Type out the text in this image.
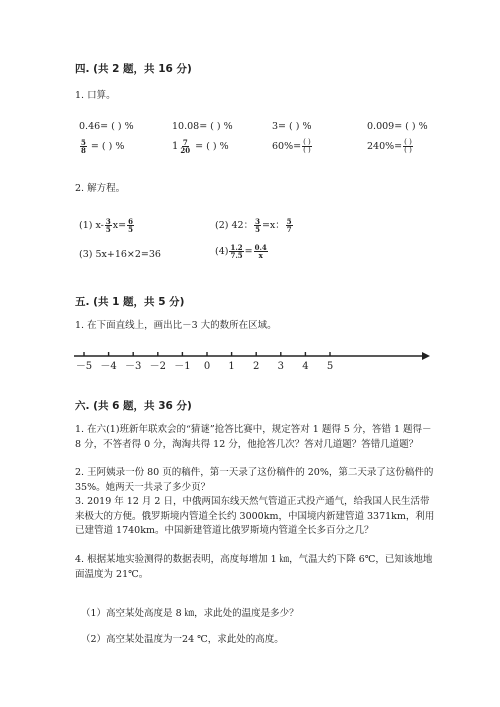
四. (共 2 题，共 16 分)
1. 口算。
0.46= ( ) %	10.08= ( ) %	3= ( ) %	0.009= ( ) %
$\frac{5}{8}$ = ( ) %	$1 \frac{7}{20}$ = ( ) %	$60\%= \frac{( )}{( )}$	$240\%= \frac{( )}{( )}$
2. 解方程。
(1) $x- \frac{3}{5} x= \frac{6}{5}$	(2) 42： $\frac{3}{5} =x$： $\frac{5}{7}$
(3) 5x+16×2=36	$(4) \frac{1.2}{7.5} = \frac{0.4}{x}$
五. (共 1 题，共 5 分)
1. 在下面直线上，画出比－3 大的数所在区域。
－5 －4 －3 －2 －1 0 1 2 3 4 5
六. (共 6 题，共 36 分)
1. 在六(1)班新年联欢会的“猜谜”抢答比赛中，规定答对 1 题得 5 分，答错 1 题得－8 分，不答者得 0 分，淘淘共得 12 分，他抢答几次？答对几道题？答错几道题？
2. 王阿姨录一份 80 页的稿件，第一天录了这份稿件的 20%，第二天录了这份稿件的 35%。她两天一共录了多少页？
3. 2019 年 12 月 2 日，中俄两国东线天然气管道正式投产通气，给我国人民生活带来极大的方便。俄罗斯境内管道全长约 3000km，中国境内新建管道 3371km，利用已建管道 1740km。中国新建管道比俄罗斯境内管道全长多百分之几？
4. 根据某地实验测得的数据表明，高度每增加 1 ㎞，气温大约下降 6℃，已知该地地面温度为 21℃。
（1）高空某处高度是 8 ㎞，求此处的温度是多少？
（2）高空某处温度为一24 ℃，求此处的高度。
